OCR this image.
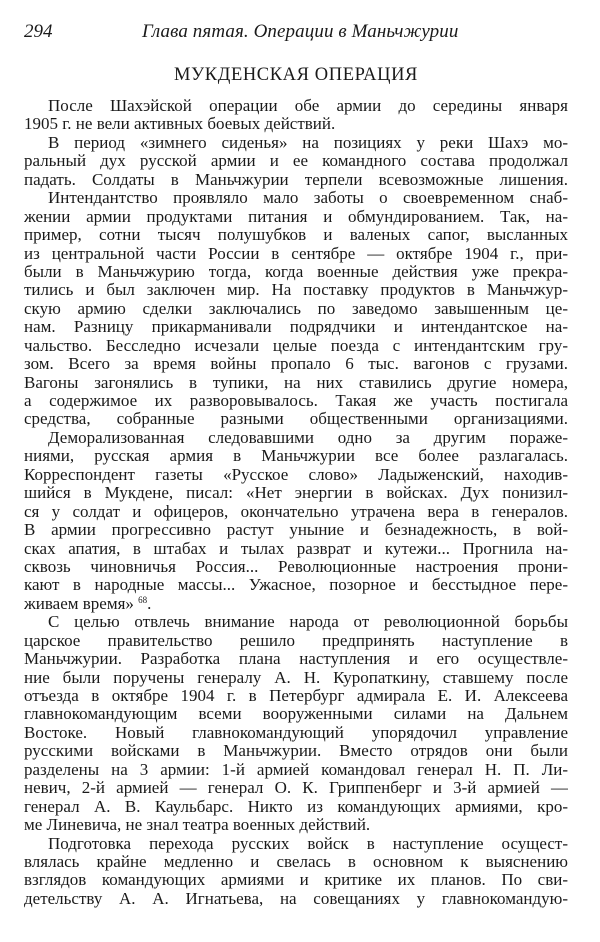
294	Глава пятая. Операции в Маньчжурии
МУКДЕНСКАЯ ОПЕРАЦИЯ
После Шахэйской операции обе армии до середины января
1905 г. не вели активных боевых действий.
В период «зимнего сиденья» на позициях у реки Шахэ мо-
ральный дух русской армии и ее командного состава продолжал
падать. Солдаты в Маньчжурии терпели всевозможные лишения.
Интендантство проявляло мало заботы о своевременном снаб-
жении армии продуктами питания и обмундированием. Так, на-
пример, сотни тысяч полушубков и валеных сапог, высланных
из центральной части России в сентябре — октябре 1904 г., при-
были в Маньчжурию тогда, когда военные действия уже прекра-
тились и был заключен мир. На поставку продуктов в Маньчжур-
скую армию сделки заключались по заведомо завышенным це-
нам. Разницу прикарманивали подрядчики и интендантское на-
чальство. Бесследно исчезали целые поезда с интендантским гру-
зом. Всего за время войны пропало 6 тыс. вагонов с грузами.
Вагоны загонялись в тупики, на них ставились другие номера,
а содержимое их разворовывалось. Такая же участь постигала
средства, собранные разными общественными организациями.
Деморализованная следовавшими одно за другим пораже-
ниями, русская армия в Маньчжурии все более разлагалась.
Корреспондент газеты «Русское слово» Ладыженский, находив-
шийся в Мукдене, писал: «Нет энергии в войсках. Дух понизил-
ся у солдат и офицеров, окончательно утрачена вера в генералов.
В армии прогрессивно растут уныние и безнадежность, в вой-
сках апатия, в штабах и тылах разврат и кутежи... Прогнила на-
сквозь чиновничья Россия... Революционные настроения прони-
кают в народные массы... Ужасное, позорное и бесстыдное пере-
живаем время» $^{68}$.
С целью отвлечь внимание народа от революционной борьбы
царское правительство решило предпринять наступление в
Маньчжурии. Разработка плана наступления и его осуществле-
ние были поручены генералу А. Н. Куропаткину, ставшему после
отъезда в октябре 1904 г. в Петербург адмирала Е. И. Алексеева
главнокомандующим всеми вооруженными силами на Дальнем
Востоке. Новый главнокомандующий упорядочил управление
русскими войсками в Маньчжурии. Вместо отрядов они были
разделены на 3 армии: 1-й армией командовал генерал Н. П. Ли-
невич, 2-й армией — генерал О. К. Гриппенберг и 3-й армией —
генерал А. В. Каульбарс. Никто из командующих армиями, кро-
ме Линевича, не знал театра военных действий.
Подготовка перехода русских войск в наступление осущест-
влялась крайне медленно и свелась в основном к выяснению
взглядов командующих армиями и критике их планов. По сви-
детельству А. А. Игнатьева, на совещаниях у главнокомандую-
